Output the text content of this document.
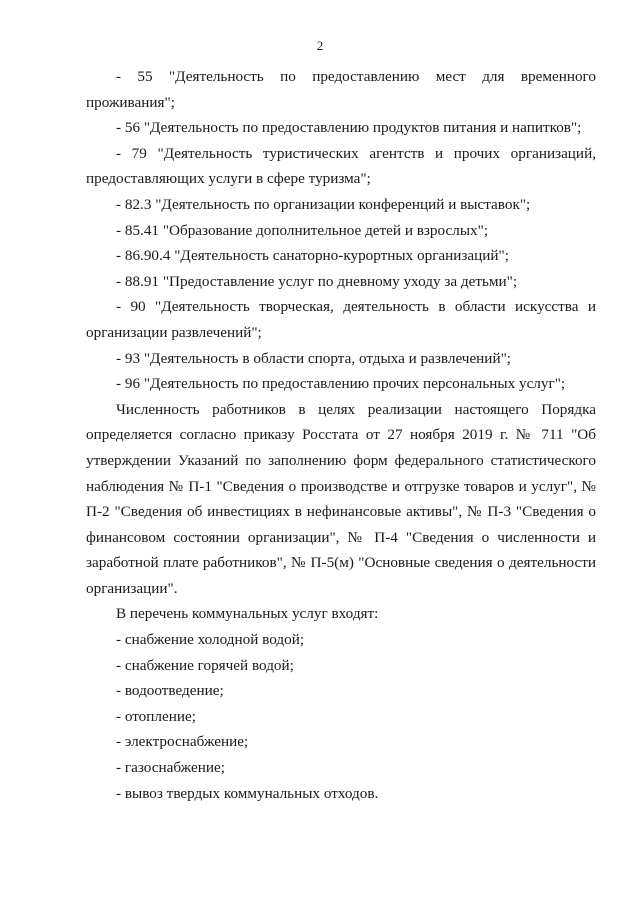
2

- 55 "Деятельность по предоставлению мест для временного проживания";

- 56 "Деятельность по предоставлению продуктов питания и напитков";

- 79 "Деятельность туристических агентств и прочих организаций, предоставляющих услуги в сфере туризма";

- 82.3 "Деятельность по организации конференций и выставок";

- 85.41 "Образование дополнительное детей и взрослых";

- 86.90.4 "Деятельность санаторно-курортных организаций";

- 88.91 "Предоставление услуг по дневному уходу за детьми";

- 90 "Деятельность творческая, деятельность в области искусства и организации развлечений";

- 93 "Деятельность в области спорта, отдыха и развлечений";

- 96 "Деятельность по предоставлению прочих персональных услуг";

Численность работников в целях реализации настоящего Порядка определяется согласно приказу Росстата от 27 ноября 2019 г. № 711 "Об утверждении Указаний по заполнению форм федерального статистического наблюдения № П-1 "Сведения о производстве и отгрузке товаров и услуг", № П-2 "Сведения об инвестициях в нефинансовые активы", № П-3 "Сведения о финансовом состоянии организации", № П-4 "Сведения о численности и заработной плате работников", № П-5(м) "Основные сведения о деятельности организации".

В перечень коммунальных услуг входят:

- снабжение холодной водой;

- снабжение горячей водой;

- водоотведение;

- отопление;

- электроснабжение;

- газоснабжение;

- вывоз твердых коммунальных отходов.
